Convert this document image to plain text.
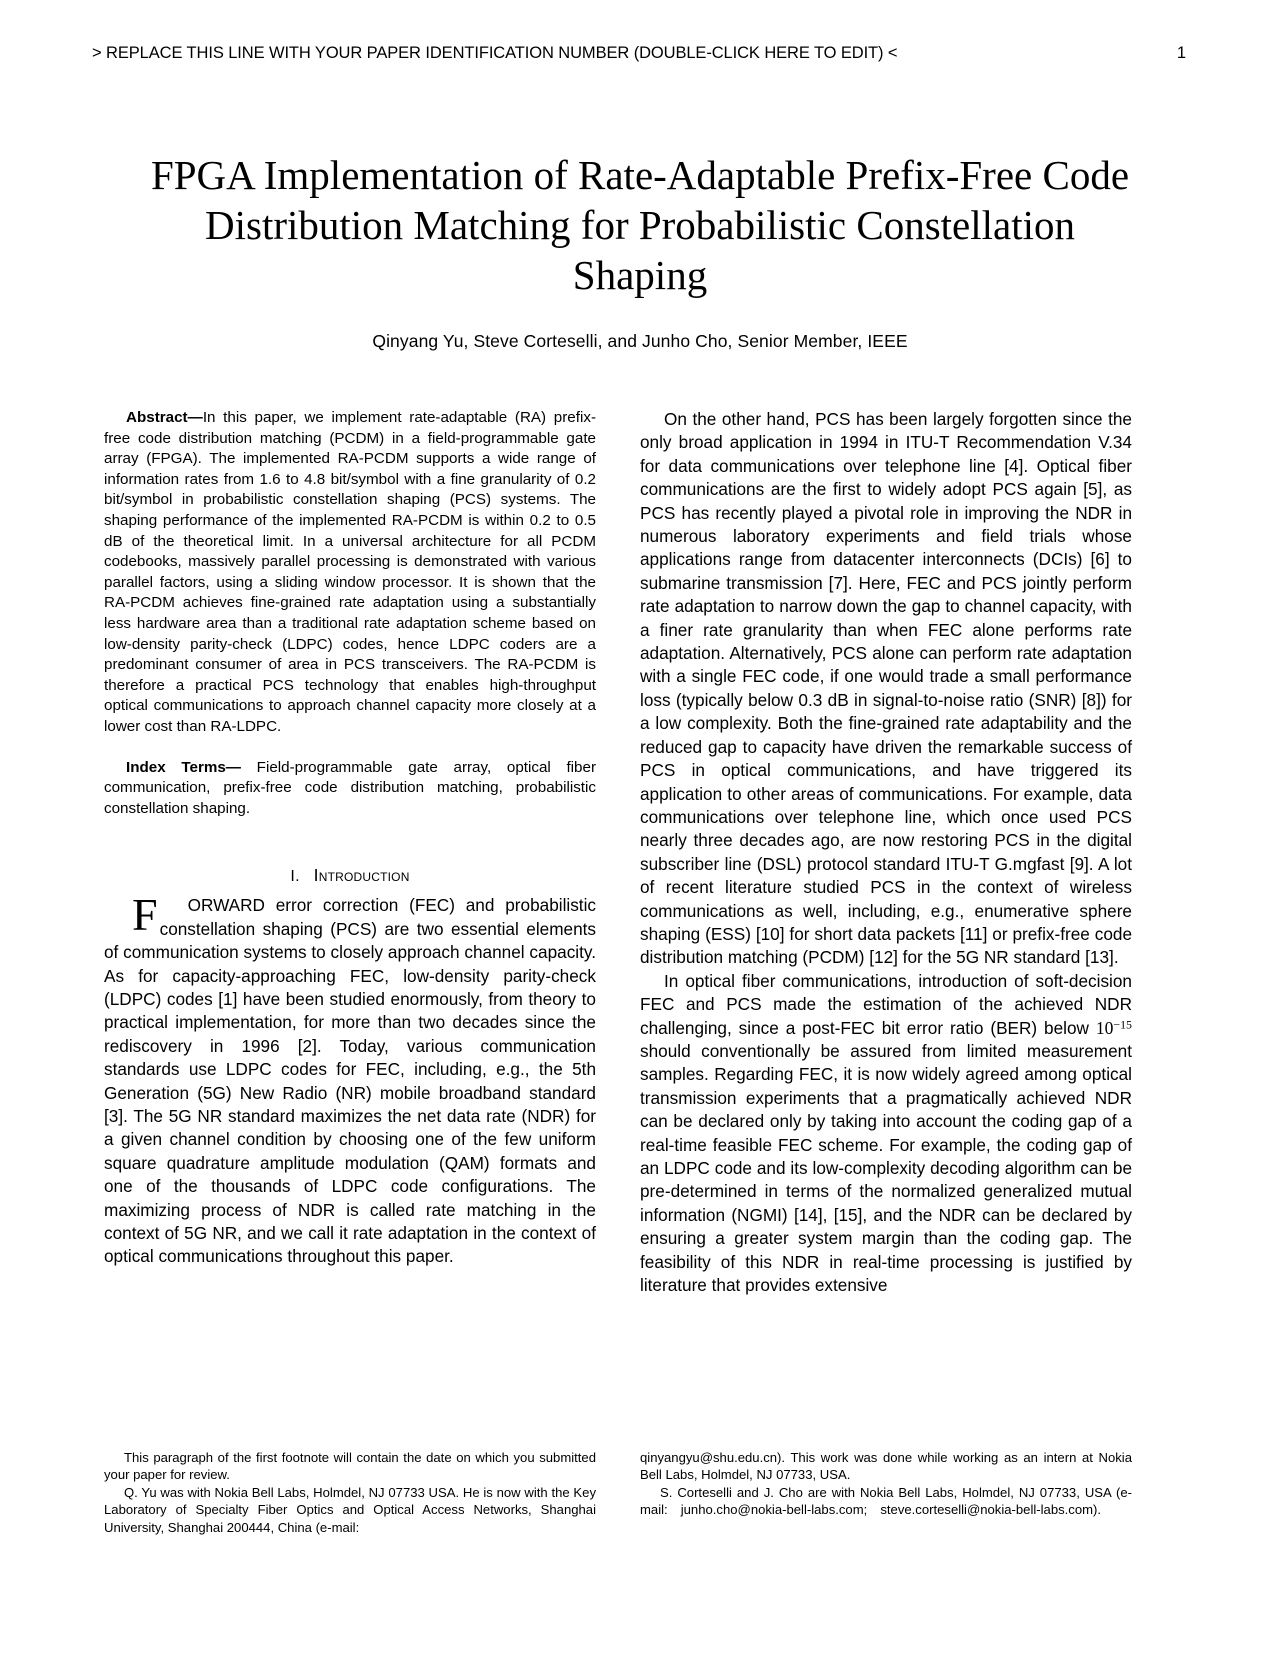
> REPLACE THIS LINE WITH YOUR PAPER IDENTIFICATION NUMBER (DOUBLE-CLICK HERE TO EDIT) <	1
FPGA Implementation of Rate-Adaptable Prefix-Free Code Distribution Matching for Probabilistic Constellation Shaping
Qinyang Yu, Steve Corteselli, and Junho Cho, Senior Member, IEEE

Abstract—In this paper, we implement rate-adaptable (RA) prefix-free code distribution matching (PCDM) in a field-programmable gate array (FPGA). The implemented RA-PCDM supports a wide range of information rates from 1.6 to 4.8 bit/symbol with a fine granularity of 0.2 bit/symbol in probabilistic constellation shaping (PCS) systems. The shaping performance of the implemented RA-PCDM is within 0.2 to 0.5 dB of the theoretical limit. In a universal architecture for all PCDM codebooks, massively parallel processing is demonstrated with various parallel factors, using a sliding window processor. It is shown that the RA-PCDM achieves fine-grained rate adaptation using a substantially less hardware area than a traditional rate adaptation scheme based on low-density parity-check (LDPC) codes, hence LDPC coders are a predominant consumer of area in PCS transceivers. The RA-PCDM is therefore a practical PCS technology that enables high-throughput optical communications to approach channel capacity more closely at a lower cost than RA-LDPC.

Index Terms— Field-programmable gate array, optical fiber communication, prefix-free code distribution matching, probabilistic constellation shaping.

I. Introduction

F ORWARD error correction (FEC) and probabilistic constellation shaping (PCS) are two essential elements of communication systems to closely approach channel capacity. As for capacity-approaching FEC, low-density parity-check (LDPC) codes [1] have been studied enormously, from theory to practical implementation, for more than two decades since the rediscovery in 1996 [2]. Today, various communication standards use LDPC codes for FEC, including, e.g., the 5th Generation (5G) New Radio (NR) mobile broadband standard [3]. The 5G NR standard maximizes the net data rate (NDR) for a given channel condition by choosing one of the few uniform square quadrature amplitude modulation (QAM) formats and one of the thousands of LDPC code configurations. The maximizing process of NDR is called rate matching in the context of 5G NR, and we call it rate adaptation in the context of optical communications throughout this paper.

On the other hand, PCS has been largely forgotten since the only broad application in 1994 in ITU-T Recommendation V.34 for data communications over telephone line [4]. Optical fiber communications are the first to widely adopt PCS again [5], as PCS has recently played a pivotal role in improving the NDR in numerous laboratory experiments and field trials whose applications range from datacenter interconnects (DCIs) [6] to submarine transmission [7]. Here, FEC and PCS jointly perform rate adaptation to narrow down the gap to channel capacity, with a finer rate granularity than when FEC alone performs rate adaptation. Alternatively, PCS alone can perform rate adaptation with a single FEC code, if one would trade a small performance loss (typically below 0.3 dB in signal-to-noise ratio (SNR) [8]) for a low complexity. Both the fine-grained rate adaptability and the reduced gap to capacity have driven the remarkable success of PCS in optical communications, and have triggered its application to other areas of communications. For example, data communications over telephone line, which once used PCS nearly three decades ago, are now restoring PCS in the digital subscriber line (DSL) protocol standard ITU-T G.mgfast [9]. A lot of recent literature studied PCS in the context of wireless communications as well, including, e.g., enumerative sphere shaping (ESS) [10] for short data packets [11] or prefix-free code distribution matching (PCDM) [12] for the 5G NR standard [13].

In optical fiber communications, introduction of soft-decision FEC and PCS made the estimation of the achieved NDR challenging, since a post-FEC bit error ratio (BER) below $10^{-15}$ should conventionally be assured from limited measurement samples. Regarding FEC, it is now widely agreed among optical transmission experiments that a pragmatically achieved NDR can be declared only by taking into account the coding gap of a real-time feasible FEC scheme. For example, the coding gap of an LDPC code and its low-complexity decoding algorithm can be pre-determined in terms of the normalized generalized mutual information (NGMI) [14], [15], and the NDR can be declared by ensuring a greater system margin than the coding gap. The feasibility of this NDR in real-time processing is justified by literature that provides extensive

This paragraph of the first footnote will contain the date on which you submitted your paper for review.

Q. Yu was with Nokia Bell Labs, Holmdel, NJ 07733 USA. He is now with the Key Laboratory of Specialty Fiber Optics and Optical Access Networks, Shanghai University, Shanghai 200444, China (e-mail:

qinyangyu@shu.edu.cn). This work was done while working as an intern at Nokia Bell Labs, Holmdel, NJ 07733, USA.

S. Corteselli and J. Cho are with Nokia Bell Labs, Holmdel, NJ 07733, USA (e-mail: junho.cho@nokia-bell-labs.com; steve.corteselli@nokia-bell-labs.com).
